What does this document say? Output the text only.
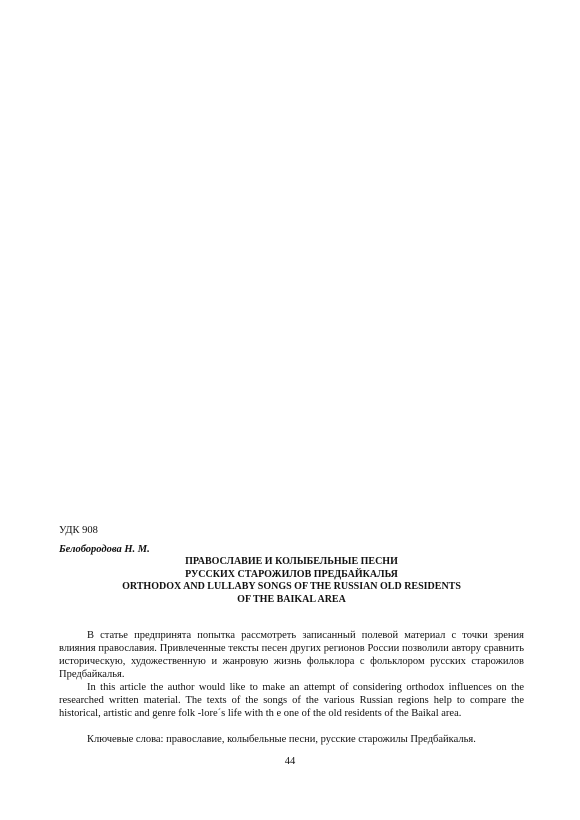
УДК 908
Белобородова Н. М.
ПРАВОСЛАВИЕ И КОЛЫБЕЛЬНЫЕ ПЕСНИ
РУССКИХ СТАРОЖИЛОВ ПРЕДБАЙКАЛЬЯ
ORTHODOX AND LULLABY SONGS OF THE RUSSIAN OLD RESIDENTS
OF THE BAIKAL AREA
В статье предпринята попытка рассмотреть записанный полевой материал с точки зрения влияния православия. Привлеченные тексты песен других регионов России позволили автору сравнить историческую, художественную и жанровую жизнь фольклора с фольклором русских старожилов Предбайкалья.
In this article the author would like to make an attempt of considering orthodox influences on the researched written material. The texts of the songs of the various Russian regions help to compare the historical, artistic and genre folk -lore´s life with th e one of the old residents of the Baikal area.
Ключевые слова: православие, колыбельные песни, русские старожилы Предбайкалья.
44
